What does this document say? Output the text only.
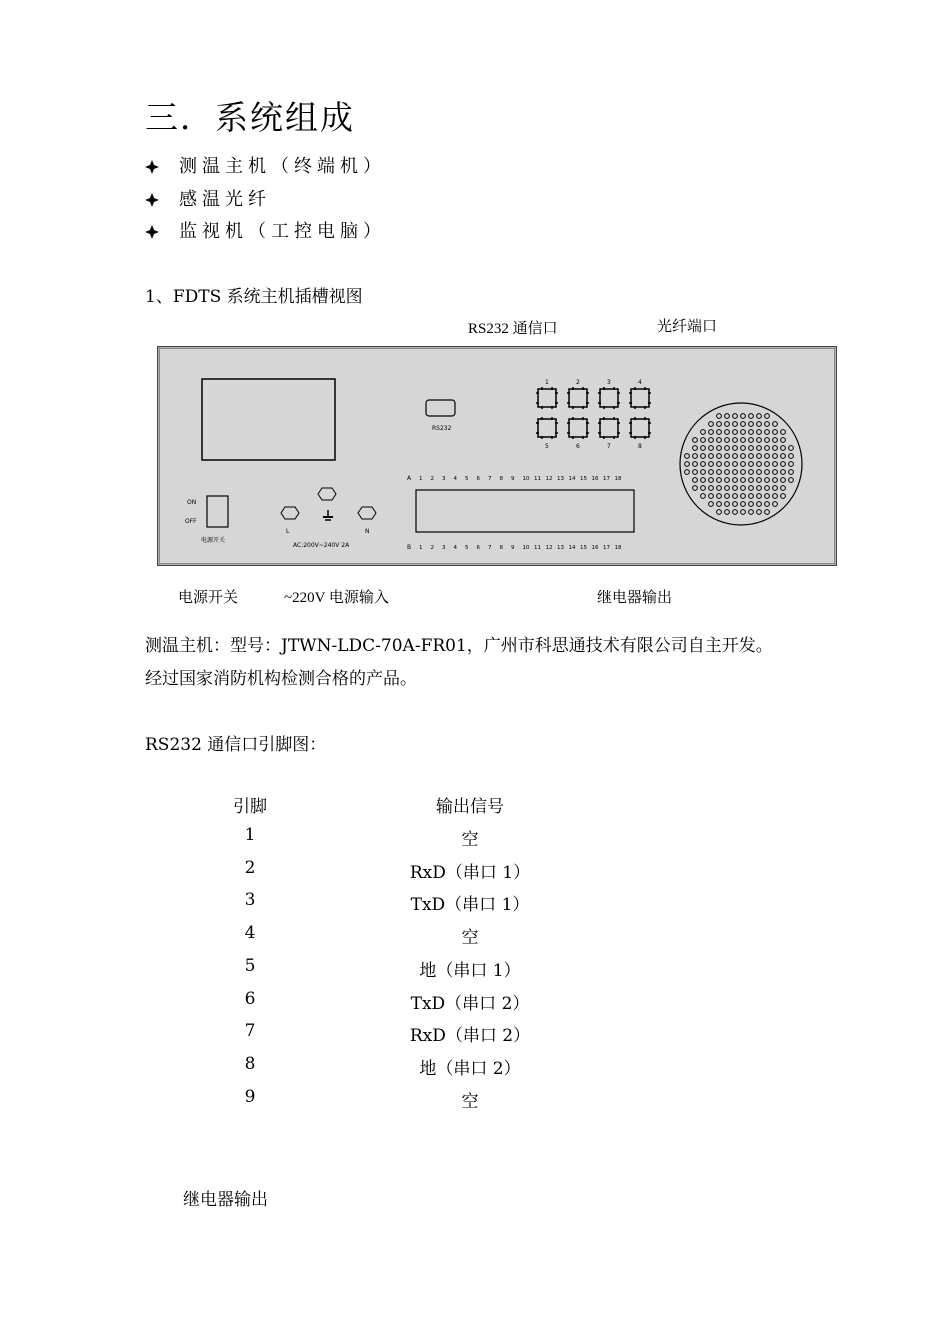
三．系统组成
测温主机（终端机）
感温光纤
监视机（工控电脑）
1、FDTS 系统主机插槽视图
RS232 通信口	光纤端口
RS232
1	2	3	4
5	6	7	8
A
B
1 2 3 4 5 6 7 8 9 10 11 12 13 14 15 16 17 18
1 2 3 4 5 6 7 8 9 10 11 12 13 14 15 16 17 18
ON
OFF
电源开关
L	N
AC:200V~240V 2A
电源开关	~220V 电源输入	继电器输出
测温主机：型号：JTWN-LDC-70A-FR01，广州市科思通技术有限公司自主开发。
经过国家消防机构检测合格的产品。
RS232 通信口引脚图：
引脚	输出信号
1	空
2	RxD（串口 1）
3	TxD（串口 1）
4	空
5	地（串口 1）
6	TxD（串口 2）
7	RxD（串口 2）
8	地（串口 2）
9	空
继电器输出
